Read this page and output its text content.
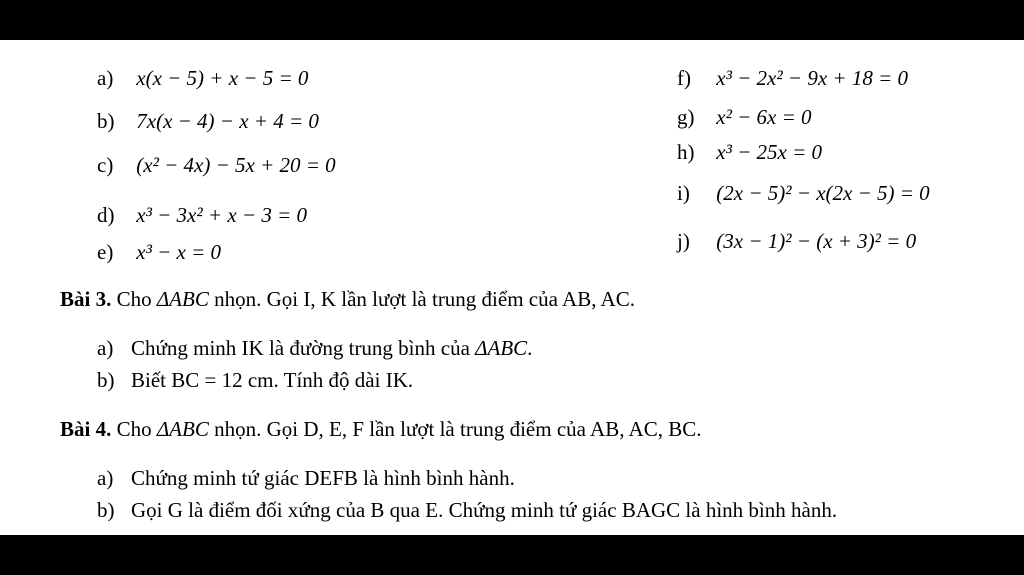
a) x(x − 5) + x − 5 = 0
b) 7x(x − 4) − x + 4 = 0
c) (x² − 4x) − 5x + 20 = 0
d) x³ − 3x² + x − 3 = 0
e) x³ − x = 0
f) x³ − 2x² − 9x + 18 = 0
g) x² − 6x = 0
h) x³ − 25x = 0
i) (2x − 5)² − x(2x − 5) = 0
j) (3x − 1)² − (x + 3)² = 0
Bài 3. Cho ΔABC nhọn. Gọi I, K lần lượt là trung điểm của AB, AC.
a) Chứng minh IK là đường trung bình của ΔABC.
b) Biết BC = 12 cm. Tính độ dài IK.
Bài 4. Cho ΔABC nhọn. Gọi D, E, F lần lượt là trung điểm của AB, AC, BC.
a) Chứng minh tứ giác DEFB là hình bình hành.
b) Gọi G là điểm đối xứng của B qua E. Chứng minh tứ giác BAGC là hình bình hành.
